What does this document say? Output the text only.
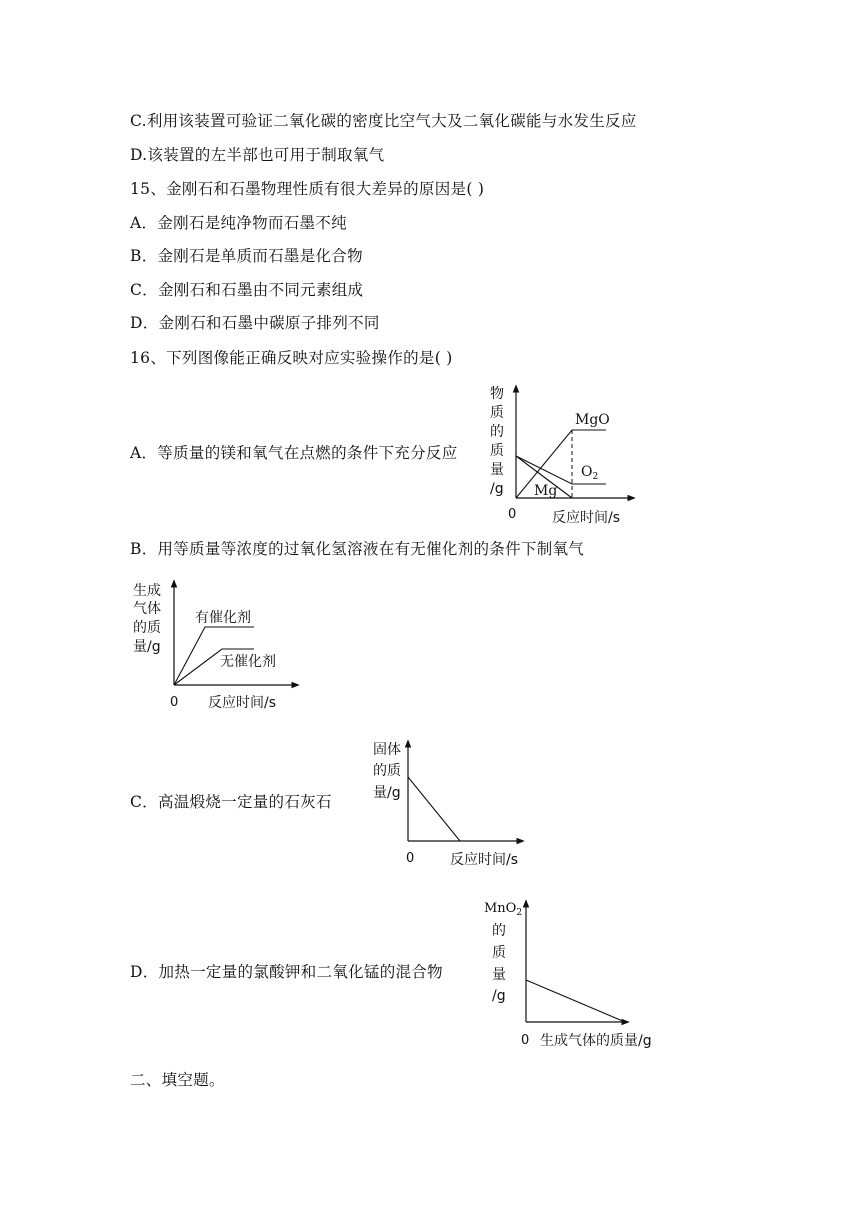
C.利用该装置可验证二氧化碳的密度比空气大及二氧化碳能与水发生反应
D.该装置的左半部也可用于制取氧气
15、金刚石和石墨物理性质有很大差异的原因是( )
A．金刚石是纯净物而石墨不纯
B．金刚石是单质而石墨是化合物
C．金刚石和石墨由不同元素组成
D．金刚石和石墨中碳原子排列不同
16、下列图像能正确反映对应实验操作的是( )
A．等质量的镁和氧气在点燃的条件下充分反应
B．用等质量等浓度的过氧化氢溶液在有无催化剂的条件下制氧气
C．高温煅烧一定量的石灰石
D．加热一定量的氯酸钾和二氧化锰的混合物
二、填空题。
物
质
的
质
量
/g
MgO
$O_2$
Mg
0	反应时间/s
生成
气体
的质
量/g
有催化剂
无催化剂
0 反应时间/s
固体
的质
量/g
0	反应时间/s
MnO$_2$
的
质
量
/g
0 生成气体的质量/g
